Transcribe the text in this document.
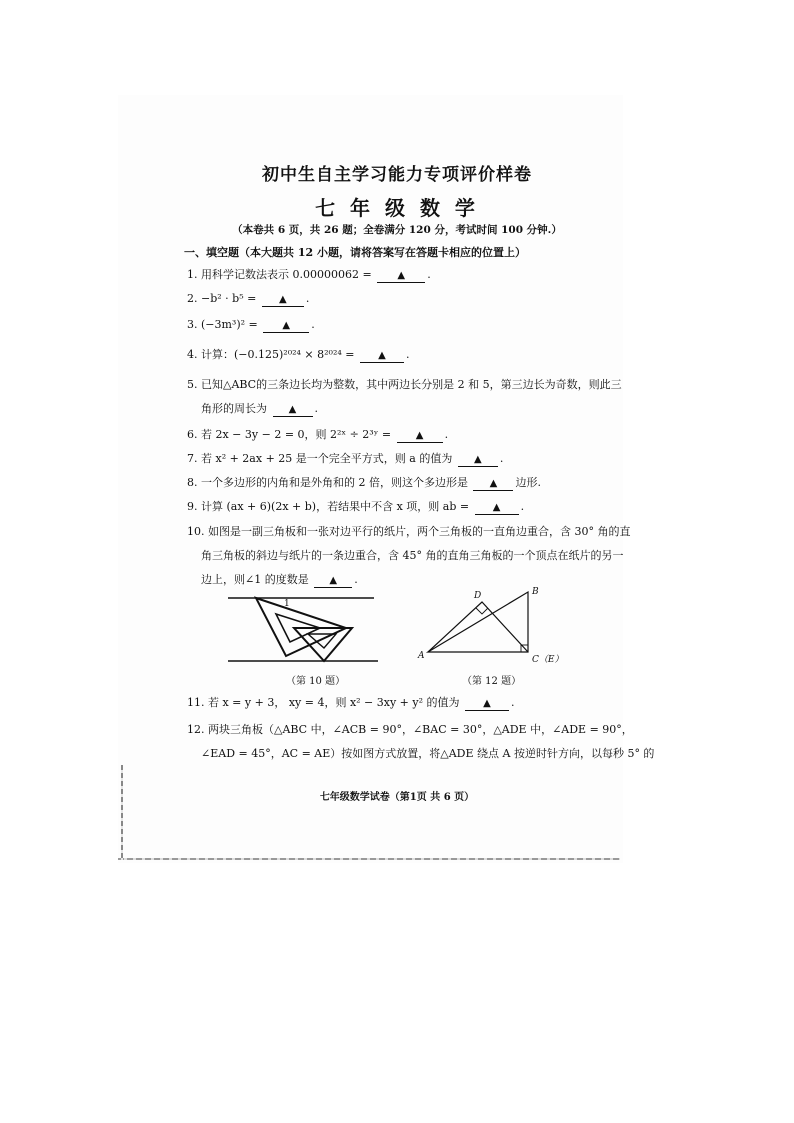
初中生自主学习能力专项评价样卷
七 年 级 数 学
（本卷共 6 页，共 26 题；全卷满分 120 分，考试时间 100 分钟.）
一、填空题（本大题共 12 小题，请将答案写在答题卡相应的位置上）
1. 用科学记数法表示 0.00000062 =	▲ .
2. −b² · b⁵ = ▲ .
3. (−3m³)² = ▲ .
4. 计算：(−0.125)²⁰²⁴ × 8²⁰²⁴ = ▲ .
5. 已知△ABC的三条边长均为整数，其中两边长分别是 2 和 5，第三边长为奇数，则此三
角形的周长为 ▲ .
6. 若 2x − 3y − 2 = 0，则 2²ˣ ÷ 2³ʸ = ▲ .
7. 若 x² + 2ax + 25 是一个完全平方式，则 a 的值为 ▲ .
8. 一个多边形的内角和是外角和的 2 倍，则这个多边形是 ▲ 边形.
9. 计算 (ax + 6)(2x + b)，若结果中不含 x 项，则 ab = ▲ .
10. 如图是一副三角板和一张对边平行的纸片，两个三角板的一直角边重合，含 30° 角的直
角三角板的斜边与纸片的一条边重合，含 45° 角的直角三角板的一个顶点在纸片的另一
边上，则∠1 的度数是 ▲ .
1
（第 10 题）
A
B
D
C（E）
（第 12 题）
11. 若 x = y + 3， xy = 4，则 x² − 3xy + y² 的值为 ▲ .
12. 两块三角板（△ABC 中，∠ACB = 90°，∠BAC = 30°，△ADE 中，∠ADE = 90°，
∠EAD = 45°，AC = AE）按如图方式放置，将△ADE 绕点 A 按逆时针方向，以每秒 5° 的
七年级数学试卷（第1页 共 6 页）
